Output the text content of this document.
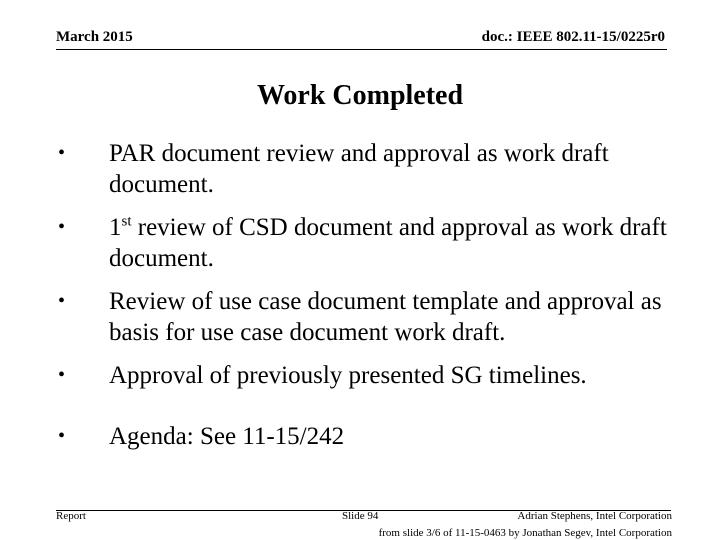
March 2015	doc.: IEEE 802.11-15/0225r0
Work Completed
• PAR document review and approval as work draft document.
• 1st review of CSD document and approval as work draft document.
• Review of use case document template and approval as basis for use case document work draft.
• Approval of previously presented SG timelines.
• Agenda: See 11-15/242
Report	Slide 94	Adrian Stephens, Intel Corporation
from slide 3/6 of 11-15-0463 by Jonathan Segev, Intel Corporation
